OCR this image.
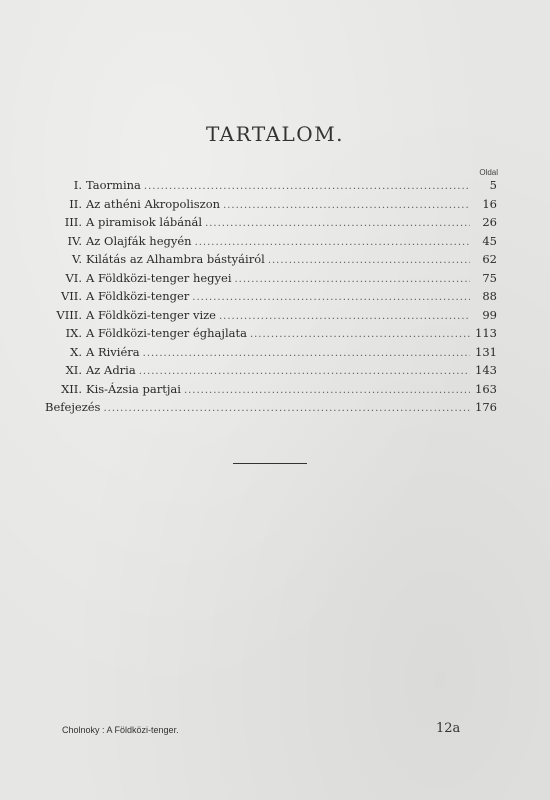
TARTALOM.
Oldal
I. Taormina .....	5
II. Az athéni Akropoliszon .....	16
III. A piramisok lábánál .....	26
IV. Az Olajfák hegyén .....	45
V. Kilátás az Alhambra bástyáiról .....	62
VI. A Földközi-tenger hegyei .....	75
VII. A Földközi-tenger .....	88
VIII. A Földközi-tenger vize .....	99
IX. A Földközi-tenger éghajlata .....	113
X. A Riviéra .....	131
XI. Az Adria .....	143
XII. Kis-Ázsia partjai .....	163
Befejezés .....	176
Cholnoky : A Földközi-tenger.	12a
